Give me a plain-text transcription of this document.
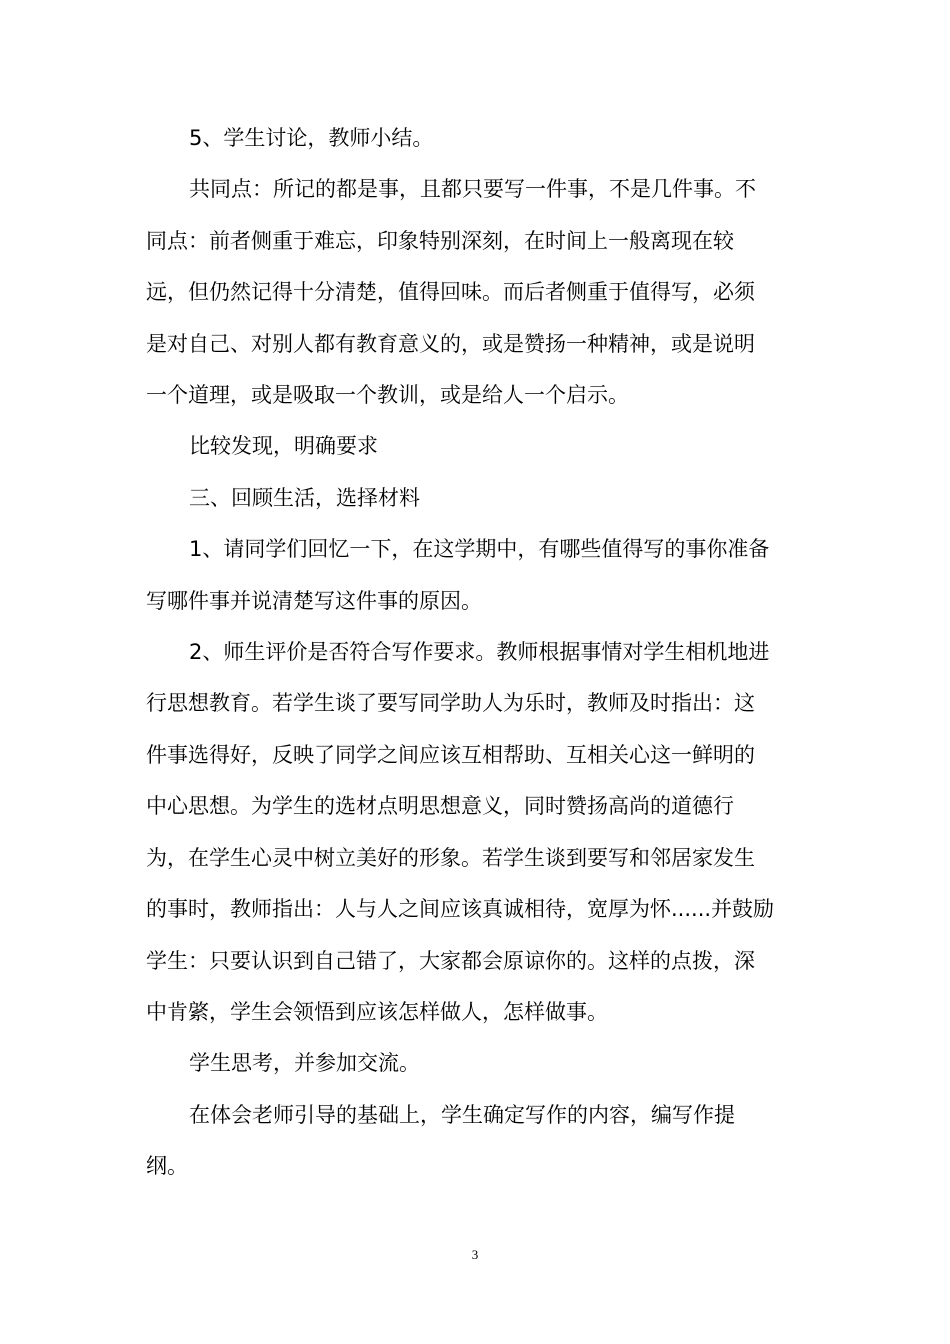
5、学生讨论，教师小结。
共同点：所记的都是事，且都只要写一件事，不是几件事。不
同点：前者侧重于难忘，印象特别深刻，在时间上一般离现在较
远，但仍然记得十分清楚，值得回味。而后者侧重于值得写，必须
是对自己、对别人都有教育意义的，或是赞扬一种精神，或是说明
一个道理，或是吸取一个教训，或是给人一个启示。
比较发现，明确要求
三、回顾生活，选择材料
1、请同学们回忆一下，在这学期中，有哪些值得写的事你准备
写哪件事并说清楚写这件事的原因。
2、师生评价是否符合写作要求。教师根据事情对学生相机地进
行思想教育。若学生谈了要写同学助人为乐时，教师及时指出：这
件事选得好，反映了同学之间应该互相帮助、互相关心这一鲜明的
中心思想。为学生的选材点明思想意义，同时赞扬高尚的道德行
为，在学生心灵中树立美好的形象。若学生谈到要写和邻居家发生
的事时，教师指出：人与人之间应该真诚相待，宽厚为怀......并鼓励
学生：只要认识到自己错了，大家都会原谅你的。这样的点拨，深
中肯綮，学生会领悟到应该怎样做人，怎样做事。
学生思考，并参加交流。
在体会老师引导的基础上，学生确定写作的内容，编写作提
纲。
3
